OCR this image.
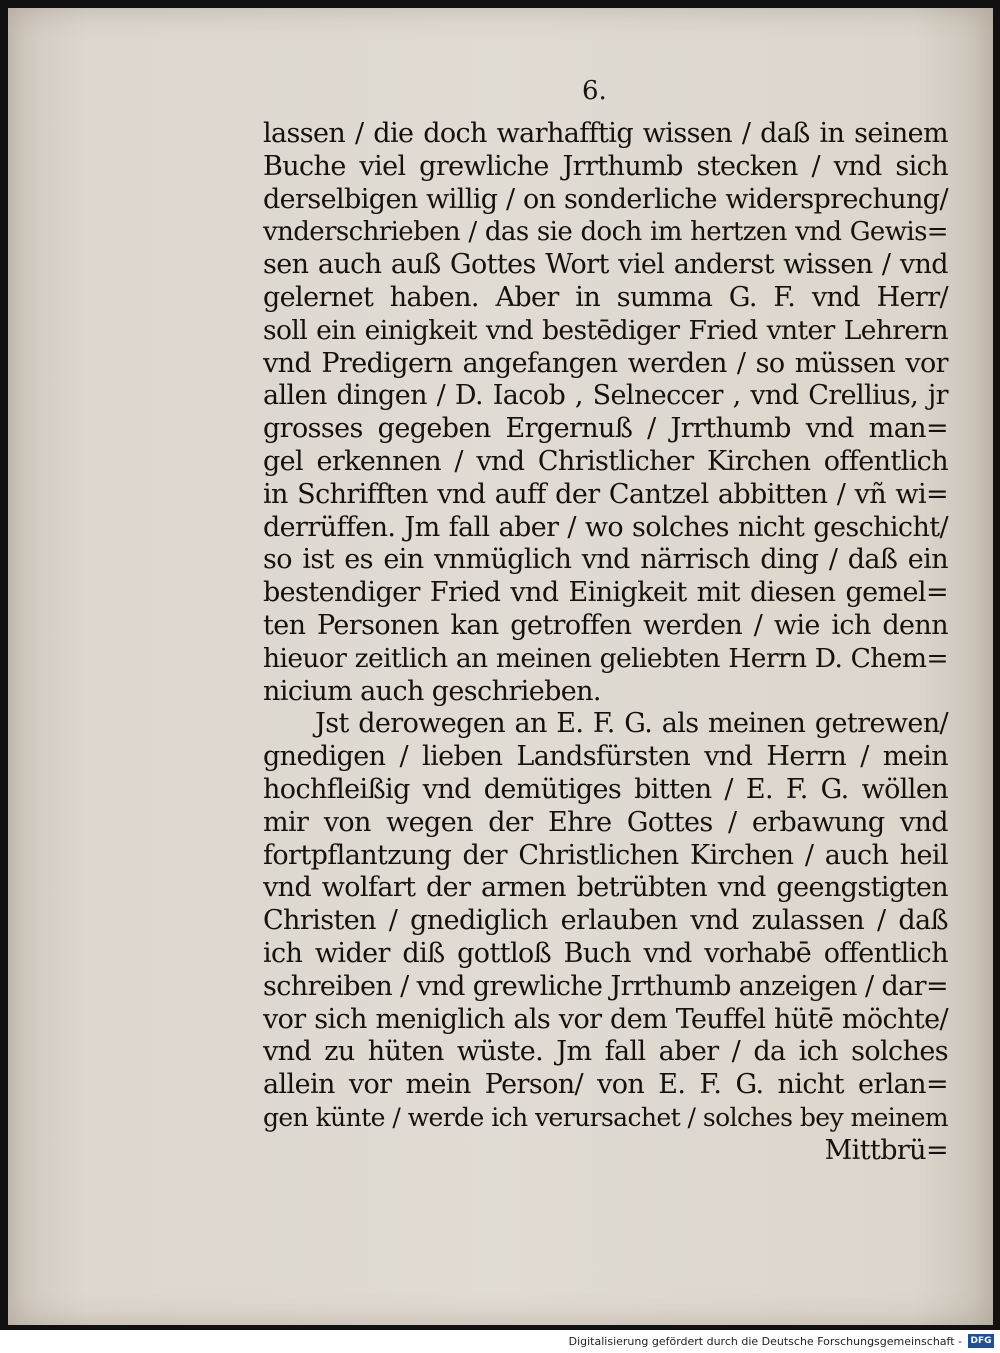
6.
lassen / die doch warhafftig wissen / daß in seinem
Buche viel grewliche Jrrthumb stecken / vnd sich
derselbigen willig / on sonderliche widersprechung/
vnderschrieben / das sie doch im hertzen vnd Gewis=
sen auch auß Gottes Wort viel anderst wissen / vnd
gelernet haben. Aber in summa G. F. vnd Herr/
soll ein einigkeit vnd bestēdiger Fried vnter Lehrern
vnd Predigern angefangen werden / so müssen vor
allen dingen / D. Iacob , Selneccer , vnd Crellius, jr
grosses gegeben Ergernuß / Jrrthumb vnd man=
gel erkennen / vnd Christlicher Kirchen offentlich
in Schrifften vnd auff der Cantzel abbitten / vñ wi=
derrüffen. Jm fall aber / wo solches nicht geschicht/
so ist es ein vnmüglich vnd närrisch ding / daß ein
bestendiger Fried vnd Einigkeit mit diesen gemel=
ten Personen kan getroffen werden / wie ich denn
hieuor zeitlich an meinen geliebten Herrn D. Chem=
nicium auch geschrieben.
Jst derowegen an E. F. G. als meinen getrewen/
gnedigen / lieben Landsfürsten vnd Herrn / mein
hochfleißig vnd demütiges bitten / E. F. G. wöllen
mir von wegen der Ehre Gottes / erbawung vnd
fortpflantzung der Christlichen Kirchen / auch heil
vnd wolfart der armen betrübten vnd geengstigten
Christen / gnediglich erlauben vnd zulassen / daß
ich wider diß gottloß Buch vnd vorhabē offentlich
schreiben / vnd grewliche Jrrthumb anzeigen / dar=
vor sich meniglich als vor dem Teuffel hütē möchte/
vnd zu hüten wüste. Jm fall aber / da ich solches
allein vor mein Person/ von E. F. G. nicht erlan=
gen künte / werde ich verursachet / solches bey meinem
Mittbrü=
Digitalisierung gefördert durch die Deutsche Forschungsgemeinschaft - DFG
